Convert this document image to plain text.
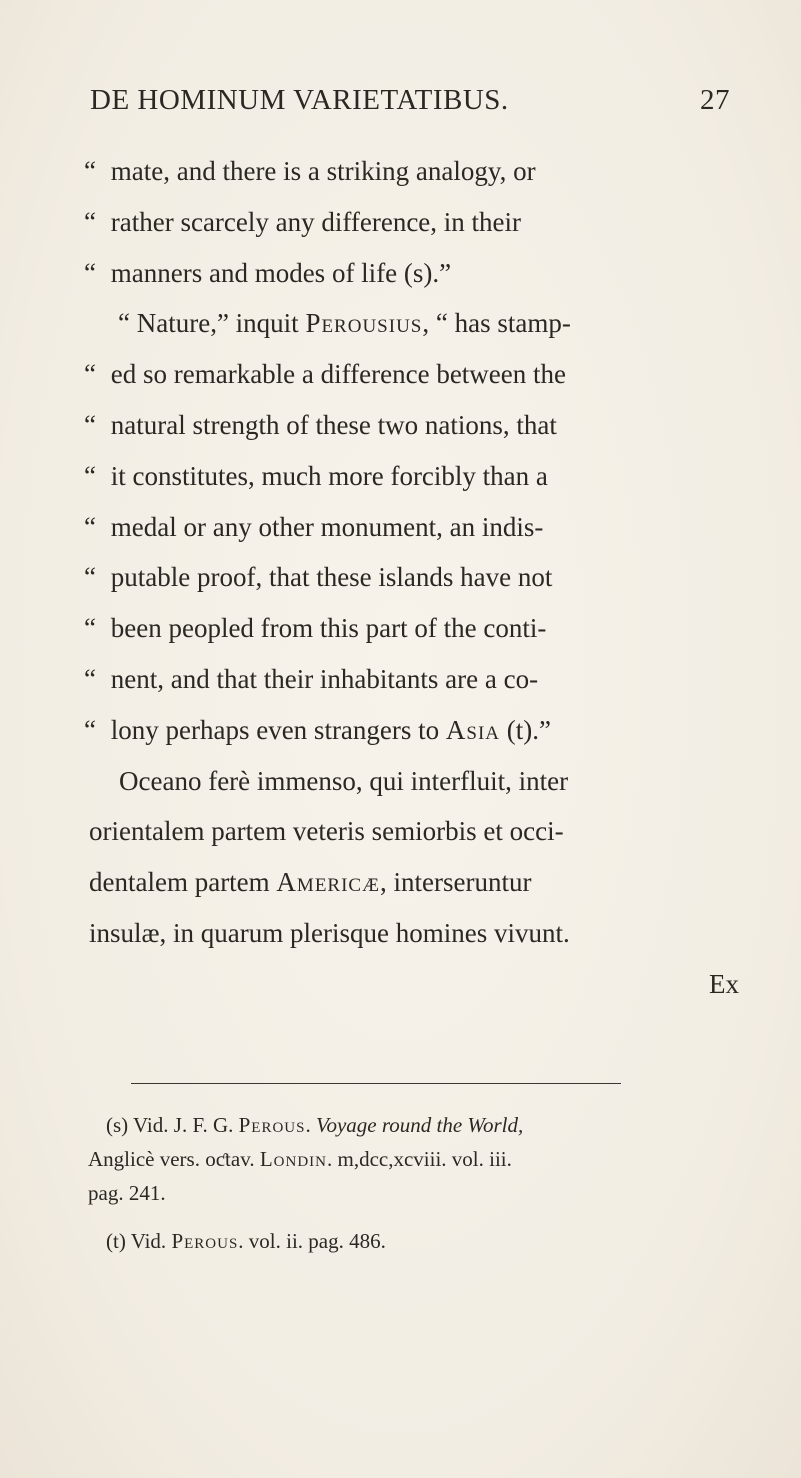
DE HOMINUM VARIETATIBUS.	27
“ mate, and there is a striking analogy, or
“ rather scarcely any difference, in their
“ manners and modes of life (s).”
“ Nature,” inquit Perousius, “ has stamp-
“ ed so remarkable a difference between the
“ natural strength of these two nations, that
“ it constitutes, much more forcibly than a
“ medal or any other monument, an indis-
“ putable proof, that these islands have not
“ been peopled from this part of the conti-
“ nent, and that their inhabitants are a co-
“ lony perhaps even strangers to Asia (t).”
Oceano ferè immenso, qui interfluit, inter
orientalem partem veteris semiorbis et occi-
dentalem partem Americæ, interseruntur
insulæ, in quarum plerisque homines vivunt.
Ex
(s) Vid. J. F. G. Perous. Voyage round the World,
Anglicè vers. oƈtav. Londin. m,dcc,xcviii. vol. iii.
pag. 241.
(t) Vid. Perous. vol. ii. pag. 486.
